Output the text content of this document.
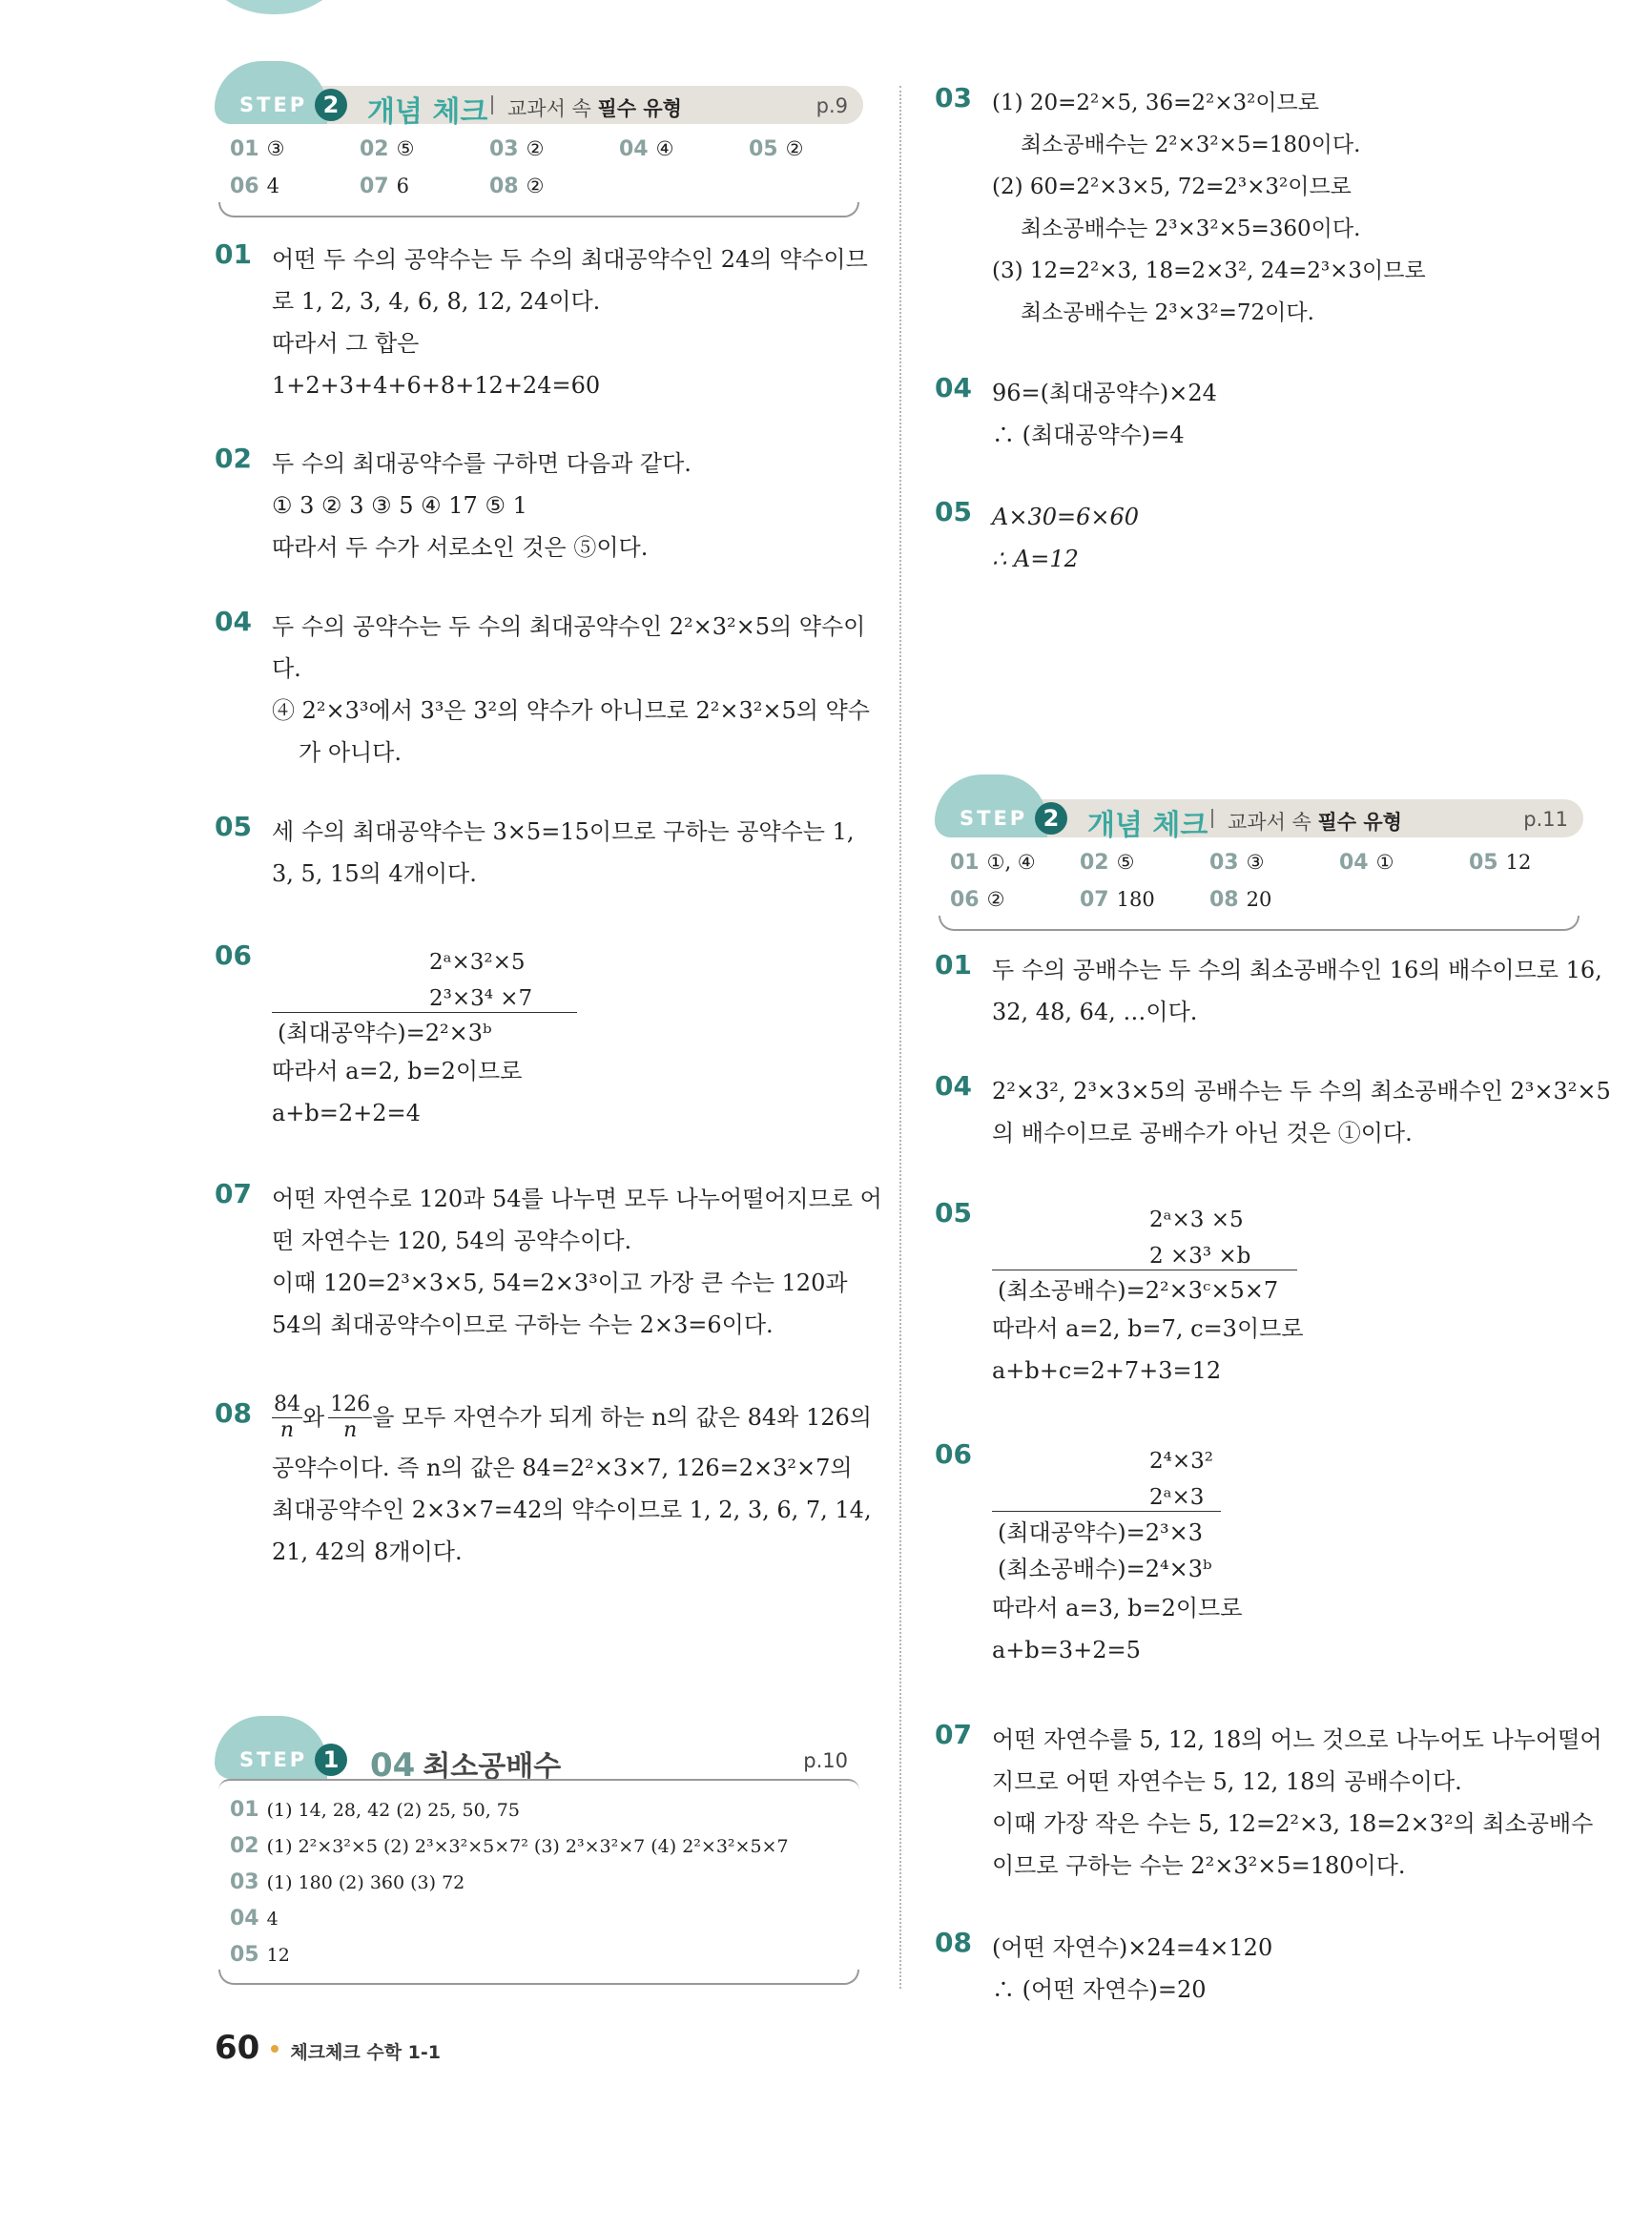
STEP 2 개념 체크 교과서 속 필수 유형	p.9
01 ③	02 ⑤	03 ②	04 ④	05 ②
06 4	07 6	08 ②
01 어떤 두 수의 공약수는 두 수의 최대공약수인 24의 약수이므
로 1, 2, 3, 4, 6, 8, 12, 24이다.
따라서 그 합은
1+2+3+4+6+8+12+24=60
02 두 수의 최대공약수를 구하면 다음과 같다.
① 3 ② 3 ③ 5 ④ 17 ⑤ 1
따라서 두 수가 서로소인 것은 ⑤이다.
04 두 수의 공약수는 두 수의 최대공약수인 2²×3²×5의 약수이
다.
④ 2²×3³에서 3³은 3²의 약수가 아니므로 2²×3²×5의 약수
가 아니다.
05 세 수의 최대공약수는 3×5=15이므로 구하는 공약수는 1,
3, 5, 15의 4개이다.
06	2ᵃ×3²×5
2³×3⁴ ×7
(최대공약수)=2²×3ᵇ
따라서 a=2, b=2이므로
a+b=2+2=4
07 어떤 자연수로 120과 54를 나누면 모두 나누어떨어지므로 어
떤 자연수는 120, 54의 공약수이다.
이때 120=2³×3×5, 54=2×3³이고 가장 큰 수는 120과
54의 최대공약수이므로 구하는 수는 2×3=6이다.
$08 \frac{84}{n}$ 와 $\frac{126}{n}$ 을 모두 자연수가 되게 하는 n의 값은 84와 126의
공약수이다. 즉 n의 값은 84=2²×3×7, 126=2×3²×7의
최대공약수인 2×3×7=42의 약수이므로 1, 2, 3, 6, 7, 14,
21, 42의 8개이다.
STEP 1 04 최소공배수	p.10
01 (1) 14, 28, 42 (2) 25, 50, 75
02 (1) 2²×3²×5 (2) 2³×3²×5×7² (3) 2³×3²×7 (4) 2²×3²×5×7
03 (1) 180 (2) 360 (3) 72
04 4
05 12
03 (1) 20=2²×5, 36=2²×3²이므로
최소공배수는 2²×3²×5=180이다.
(2) 60=2²×3×5, 72=2³×3²이므로
최소공배수는 2³×3²×5=360이다.
(3) 12=2²×3, 18=2×3², 24=2³×3이므로
최소공배수는 2³×3²=72이다.
04 96=(최대공약수)×24
∴ (최대공약수)=4
05 A×30=6×60
∴ A=12
STEP 2 개념 체크 교과서 속 필수 유형	p.11
01 ①, ④ 02 ⑤	03 ③	04 ①	05 12
06 ②	07 180	08 20
01 두 수의 공배수는 두 수의 최소공배수인 16의 배수이므로 16,
32, 48, 64, …이다.
04 2²×3², 2³×3×5의 공배수는 두 수의 최소공배수인 2³×3²×5
의 배수이므로 공배수가 아닌 것은 ①이다.
05	2ᵃ×3 ×5
2 ×3³ ×b
(최소공배수)=2²×3ᶜ×5×7
따라서 a=2, b=7, c=3이므로
a+b+c=2+7+3=12
06	2⁴×3²
2ᵃ×3
(최대공약수)=2³×3
(최소공배수)=2⁴×3ᵇ
따라서 a=3, b=2이므로
a+b=3+2=5
07 어떤 자연수를 5, 12, 18의 어느 것으로 나누어도 나누어떨어
지므로 어떤 자연수는 5, 12, 18의 공배수이다.
이때 가장 작은 수는 5, 12=2²×3, 18=2×3²의 최소공배수
이므로 구하는 수는 2²×3²×5=180이다.
08 (어떤 자연수)×24=4×120
∴ (어떤 자연수)=20
60 체크체크 수학 1-1
